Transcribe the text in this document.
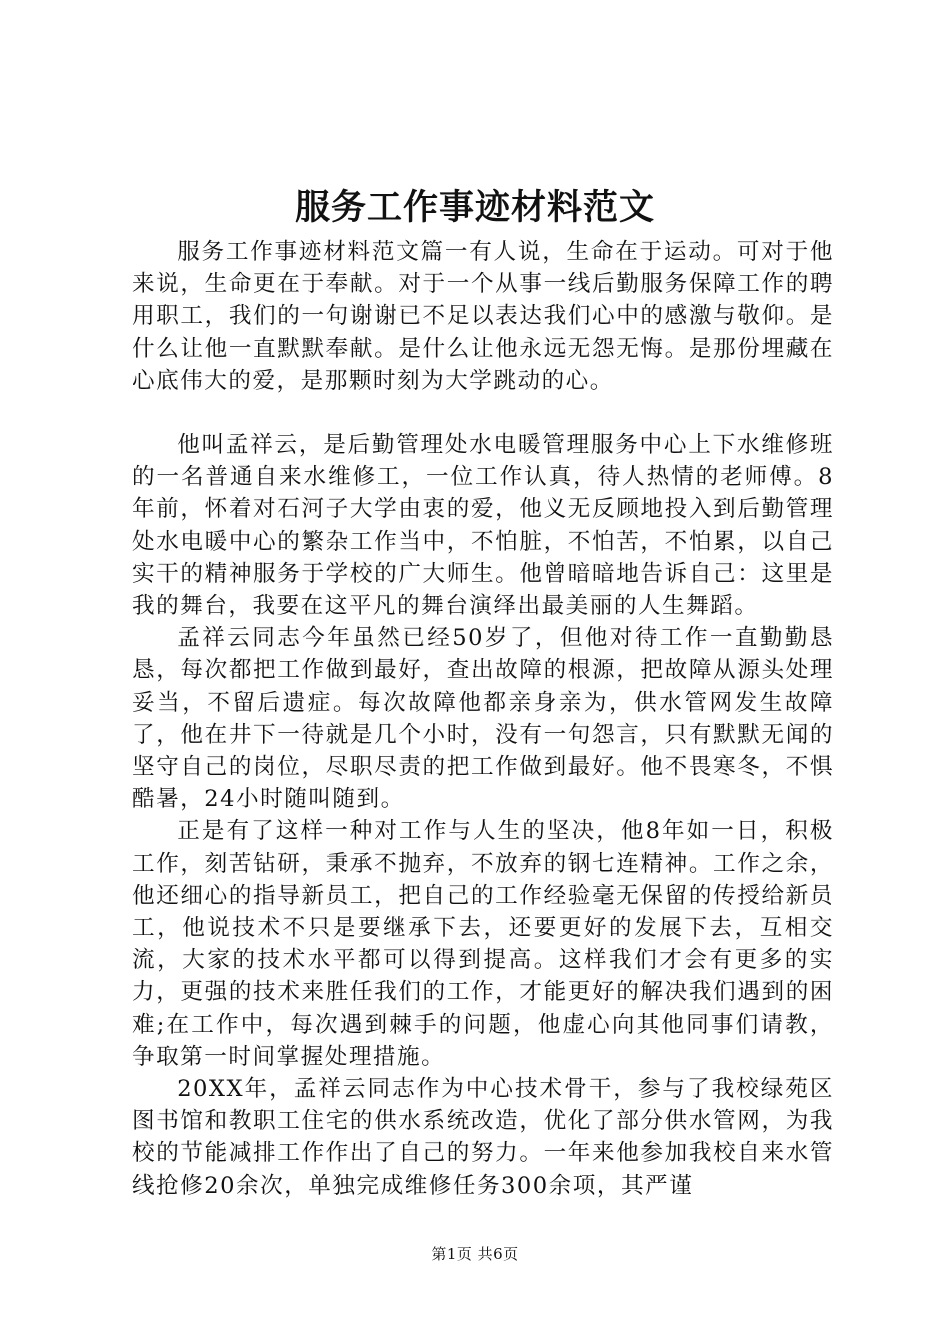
服务工作事迹材料范文

服务工作事迹材料范文篇一有人说，生命在于运动。可对于他来说，生命更在于奉献。对于一个从事一线后勤服务保障工作的聘用职工，我们的一句谢谢已不足以表达我们心中的感激与敬仰。是什么让他一直默默奉献。是什么让他永远无怨无悔。是那份埋藏在心底伟大的爱，是那颗时刻为大学跳动的心。

他叫孟祥云，是后勤管理处水电暖管理服务中心上下水维修班的一名普通自来水维修工，一位工作认真，待人热情的老师傅。8年前，怀着对石河子大学由衷的爱，他义无反顾地投入到后勤管理处水电暖中心的繁杂工作当中，不怕脏，不怕苦，不怕累，以自己实干的精神服务于学校的广大师生。他曾暗暗地告诉自己：这里是我的舞台，我要在这平凡的舞台演绎出最美丽的人生舞蹈。

孟祥云同志今年虽然已经50岁了，但他对待工作一直勤勤恳恳，每次都把工作做到最好，查出故障的根源，把故障从源头处理妥当，不留后遗症。每次故障他都亲身亲为，供水管网发生故障了，他在井下一待就是几个小时，没有一句怨言，只有默默无闻的坚守自己的岗位，尽职尽责的把工作做到最好。他不畏寒冬，不惧酷暑，24小时随叫随到。

正是有了这样一种对工作与人生的坚决，他8年如一日，积极工作，刻苦钻研，秉承不抛弃，不放弃的钢七连精神。工作之余，他还细心的指导新员工，把自己的工作经验毫无保留的传授给新员工，他说技术不只是要继承下去，还要更好的发展下去，互相交流，大家的技术水平都可以得到提高。这样我们才会有更多的实力，更强的技术来胜任我们的工作，才能更好的解决我们遇到的困难;在工作中，每次遇到棘手的问题，他虚心向其他同事们请教，争取第一时间掌握处理措施。

20XX年，孟祥云同志作为中心技术骨干，参与了我校绿苑区图书馆和教职工住宅的供水系统改造，优化了部分供水管网，为我校的节能减排工作作出了自己的努力。一年来他参加我校自来水管线抢修20余次，单独完成维修任务300余项，其严谨

第1页 共6页
